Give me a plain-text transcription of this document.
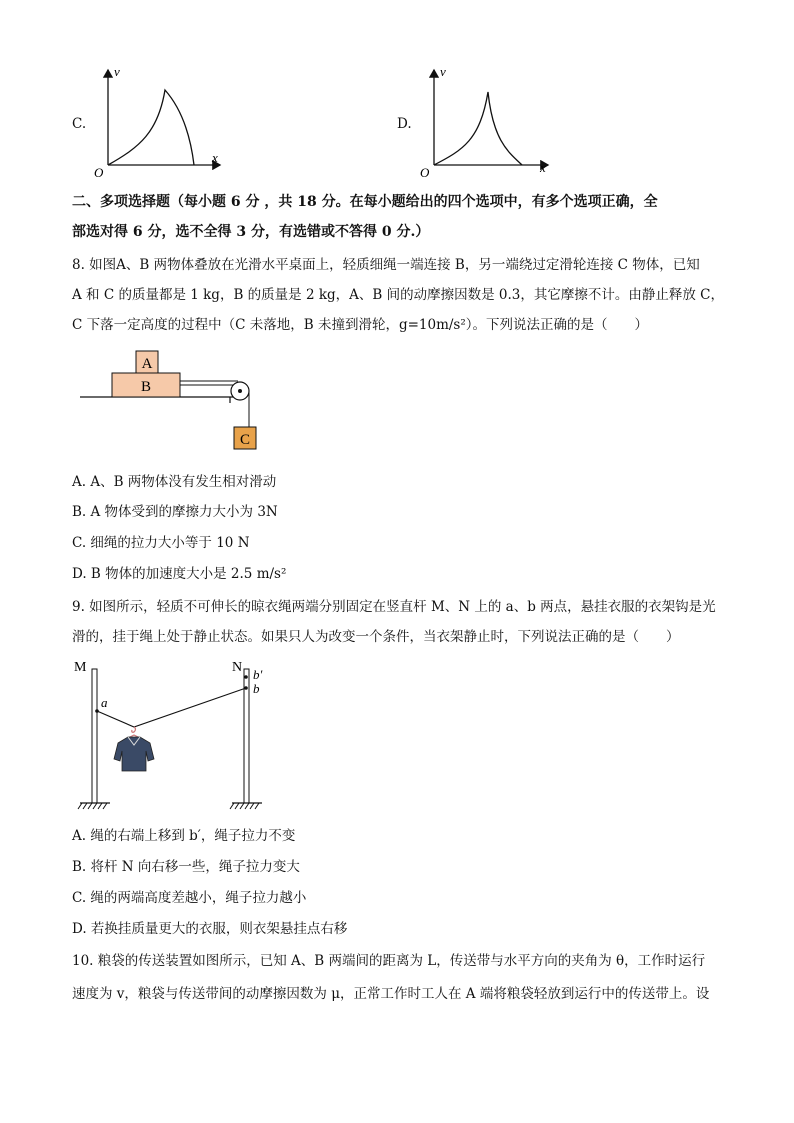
C.
v
x
O
D.
v
x
O
二、多项选择题（每小题 6 分 ，共 18 分。在每小题给出的四个选项中，有多个选项正确，全
部选对得 6 分，选不全得 3 分，有选错或不答得 0 分.）
8. 如图A、B 两物体叠放在光滑水平桌面上，轻质细绳一端连接 B，另一端绕过定滑轮连接 C 物体，已知
A 和 C 的质量都是 1 kg，B 的质量是 2 kg，A、B 间的动摩擦因数是 0.3，其它摩擦不计。由静止释放 C，
C 下落一定高度的过程中（C 未落地，B 未撞到滑轮，g=10m/s²）。下列说法正确的是（　　）
A
B
C
A. A、B 两物体没有发生相对滑动
B. A 物体受到的摩擦力大小为 3N
C. 细绳的拉力大小等于 10 N
D. B 物体的加速度大小是 2.5 m/s²
9. 如图所示，轻质不可伸长的晾衣绳两端分别固定在竖直杆 M、N 上的 a、b 两点，悬挂衣服的衣架钩是光
滑的，挂于绳上处于静止状态。如果只人为改变一个条件，当衣架静止时，下列说法正确的是（　　）
M	N
a
b
b′
A. 绳的右端上移到 b′，绳子拉力不变
B. 将杆 N 向右移一些，绳子拉力变大
C. 绳的两端高度差越小，绳子拉力越小
D. 若换挂质量更大的衣服，则衣架悬挂点右移
10. 粮袋的传送装置如图所示，已知 A、B 两端间的距离为 L，传送带与水平方向的夹角为 θ，工作时运行
速度为 v，粮袋与传送带间的动摩擦因数为 μ，正常工作时工人在 A 端将粮袋轻放到运行中的传送带上。设
